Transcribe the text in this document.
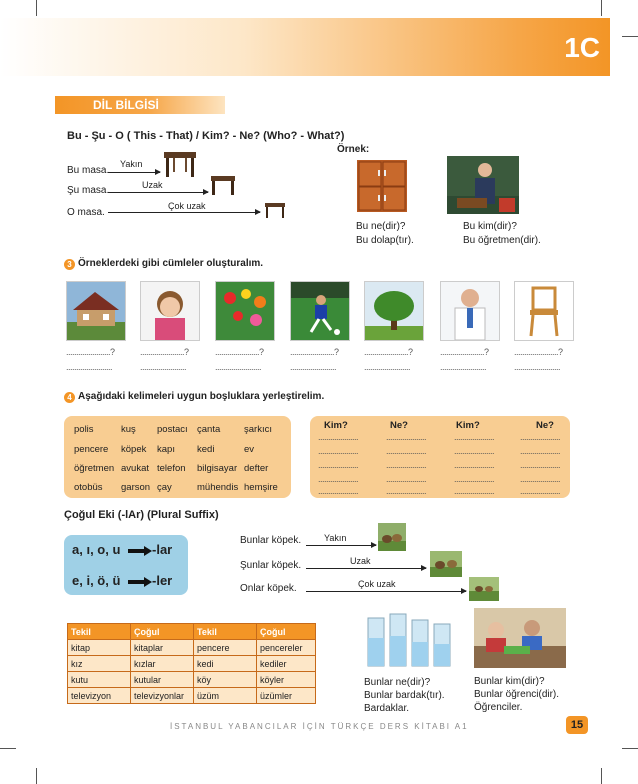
1C
DİL BİLGİSİ
Bu - Şu - O ( This - That) / Kim? - Ne? (Who? - What?)
Bu masa.
Yakın
Şu masa.	Uzak
O masa.
Çok uzak
Örnek:
Bu ne(dir)?
Bu dolap(tır).
Bu kim(dir)?
Bu öğretmen(dir).
3 Örneklerdeki gibi cümleler oluşturalım.
......................?
.......................
......................?
.......................
......................?
.......................
......................?
.......................
......................?
.......................
......................?
.......................
......................?
.......................
4 Aşağıdaki kelimeleri uygun boşluklara yerleştirelim.
polis	kuş postacı çanta	şarkıcı
pencere köpek kapı kedi	ev
öğretmen avukat telefon bilgisayar defter
otobüs garson çay	mühendis hemşire
Kim?	Ne?	Kim?	Ne?
....................	....................	....................	....................
....................	....................	....................	....................
....................	....................	....................	....................
....................	....................	....................	....................
....................	....................	....................	....................
Çoğul Eki (-lAr) (Plural Suffix)
a, ı, o, u -lar
e, i, ö, ü -ler
Bunlar köpek.	Yakın
Şunlar köpek.	Uzak
Onlar köpek.	Çok uzak
Tekil	Çoğul	Tekil	Çoğul
kitap	kitaplar	pencere	pencereler
kız	kızlar	kedi	kediler
kutu	kutular	köy	köyler
televizyon	televizyonlar	üzüm	üzümler
Bunlar ne(dir)?
Bunlar bardak(tır).
Bardaklar.
Bunlar kim(dir)?
Bunlar öğrenci(dir).
Öğrenciler.
İSTANBUL YABANCILAR İÇİN TÜRKÇE DERS KİTABI A1	15
